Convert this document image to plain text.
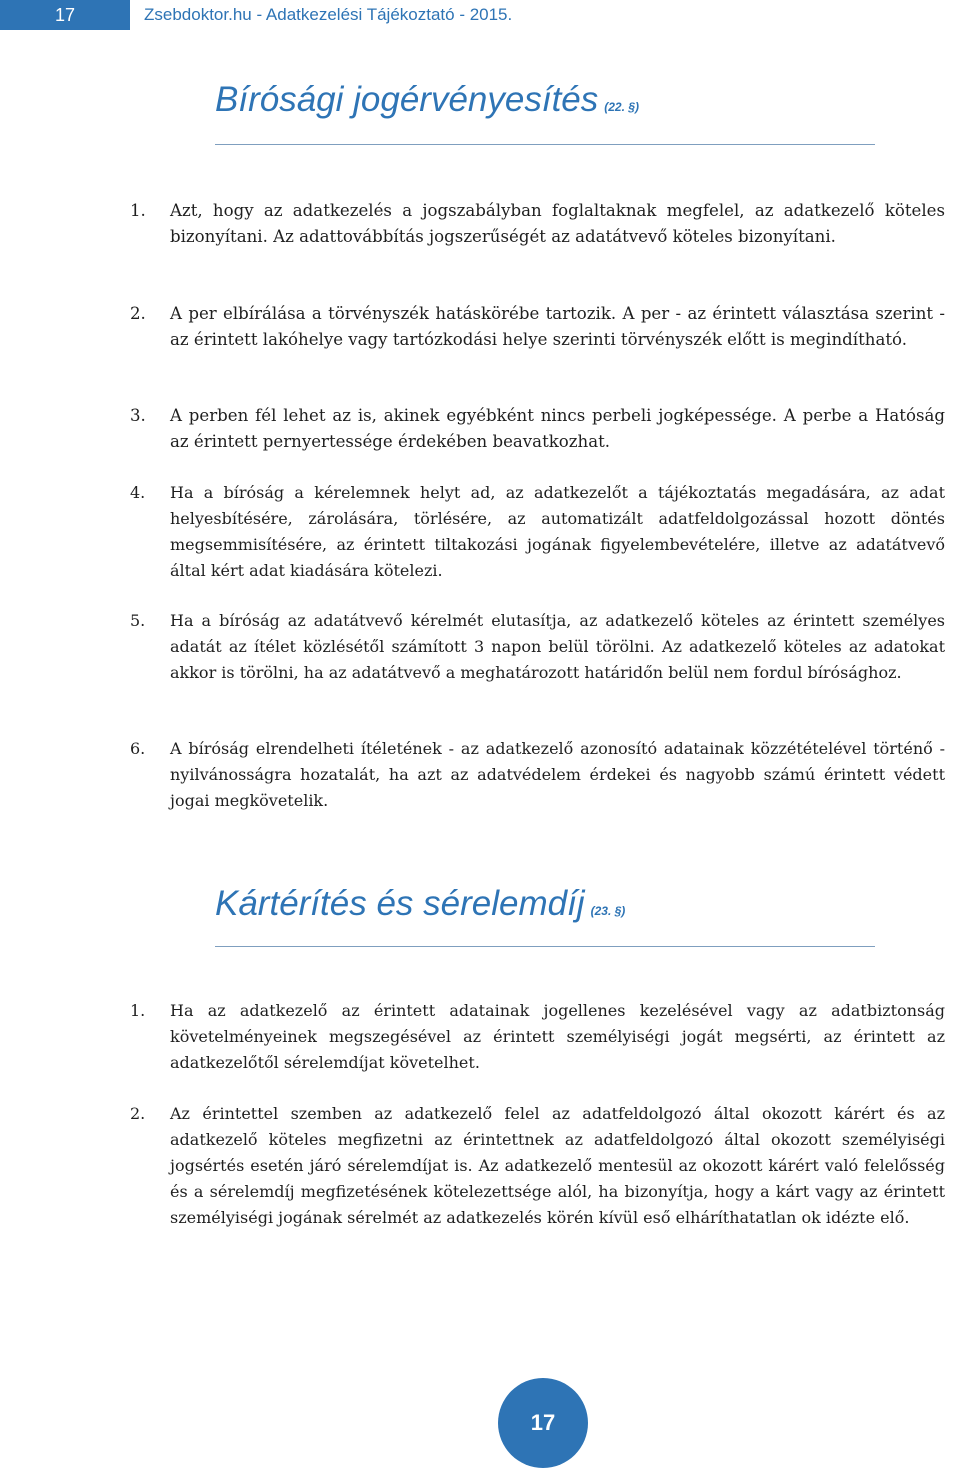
17	Zsebdoktor.hu - Adatkezelési Tájékoztató - 2015.
Bírósági jogérvényesítés (22. §)
1.	Azt, hogy az adatkezelés a jogszabályban foglaltaknak megfelel, az adatkezelő köteles bizonyítani. Az adattovábbítás jogszerűségét az adatátvevő köteles bizonyítani.
2.	A per elbírálása a törvényszék hatáskörébe tartozik. A per - az érintett választása szerint - az érintett lakóhelye vagy tartózkodási helye szerinti törvényszék előtt is megindítható.
3.	A perben fél lehet az is, akinek egyébként nincs perbeli jogképessége. A perbe a Hatóság az érintett pernyertessége érdekében beavatkozhat.
4.	Ha a bíróság a kérelemnek helyt ad, az adatkezelőt a tájékoztatás megadására, az adat helyesbítésére, zárolására, törlésére, az automatizált adatfeldolgozással hozott döntés megsemmisítésére, az érintett tiltakozási jogának figyelembevételére, illetve az adatátvevő által kért adat kiadására kötelezi.
5.	Ha a bíróság az adatátvevő kérelmét elutasítja, az adatkezelő köteles az érintett személyes adatát az ítélet közlésétől számított 3 napon belül törölni. Az adatkezelő köteles az adatokat akkor is törölni, ha az adatátvevő a meghatározott határidőn belül nem fordul bírósághoz.
6.	A bíróság elrendelheti ítéletének - az adatkezelő azonosító adatainak közzétételével történő - nyilvánosságra hozatalát, ha azt az adatvédelem érdekei és nagyobb számú érintett védett jogai megkövetelik.
Kártérítés és sérelemdíj (23. §)
1.	Ha az adatkezelő az érintett adatainak jogellenes kezelésével vagy az adatbiztonság követelményeinek megszegésével az érintett személyiségi jogát megsérti, az érintett az adatkezelőtől sérelemdíjat követelhet.
2.	Az érintettel szemben az adatkezelő felel az adatfeldolgozó által okozott kárért és az adatkezelő köteles megfizetni az érintettnek az adatfeldolgozó által okozott személyiségi jogsértés esetén járó sérelemdíjat is. Az adatkezelő mentesül az okozott kárért való felelősség és a sérelemdíj megfizetésének kötelezettsége alól, ha bizonyítja, hogy a kárt vagy az érintett személyiségi jogának sérelmét az adatkezelés körén kívül eső elháríthatatlan ok idézte elő.
17
